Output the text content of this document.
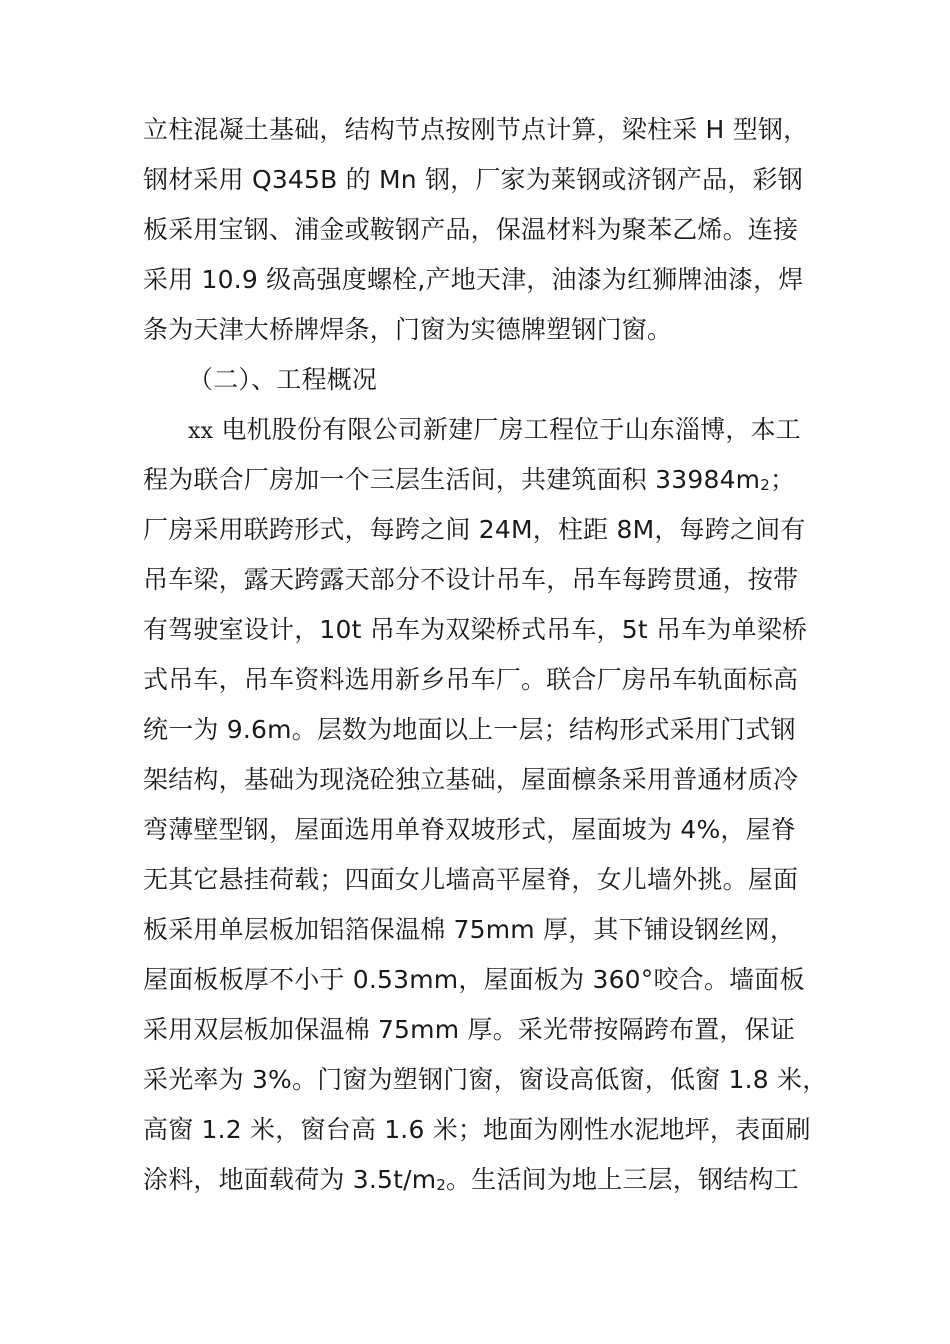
立柱混凝土基础，结构节点按刚节点计算，梁柱采 H 型钢，
钢材采用 Q345B 的 Mn 钢，厂家为莱钢或济钢产品，彩钢
板采用宝钢、浦金或鞍钢产品，保温材料为聚苯乙烯。连接
采用 10.9 级高强度螺栓,产地天津，油漆为红狮牌油漆，焊
条为天津大桥牌焊条，门窗为实德牌塑钢门窗。
（二）、工程概况
xx 电机股份有限公司新建厂房工程位于山东淄博，本工
程为联合厂房加一个三层生活间，共建筑面积 33984m2；
厂房采用联跨形式，每跨之间 24M，柱距 8M，每跨之间有
吊车梁，露天跨露天部分不设计吊车，吊车每跨贯通，按带
有驾驶室设计，10t 吊车为双梁桥式吊车，5t 吊车为单梁桥
式吊车，吊车资料选用新乡吊车厂。联合厂房吊车轨面标高
统一为 9.6m。层数为地面以上一层；结构形式采用门式钢
架结构，基础为现浇砼独立基础，屋面檩条采用普通材质冷
弯薄壁型钢，屋面选用单脊双坡形式，屋面坡为 4%，屋脊
无其它悬挂荷载；四面女儿墙高平屋脊，女儿墙外挑。屋面
板采用单层板加铝箔保温棉 75mm 厚，其下铺设钢丝网，
屋面板板厚不小于 0.53mm，屋面板为 360°咬合。墙面板
采用双层板加保温棉 75mm 厚。采光带按隔跨布置，保证
采光率为 3%。门窗为塑钢门窗，窗设高低窗，低窗 1.8 米，
高窗 1.2 米，窗台高 1.6 米；地面为刚性水泥地坪，表面刷
涂料，地面载荷为 3.5t/m2。生活间为地上三层，钢结构工
